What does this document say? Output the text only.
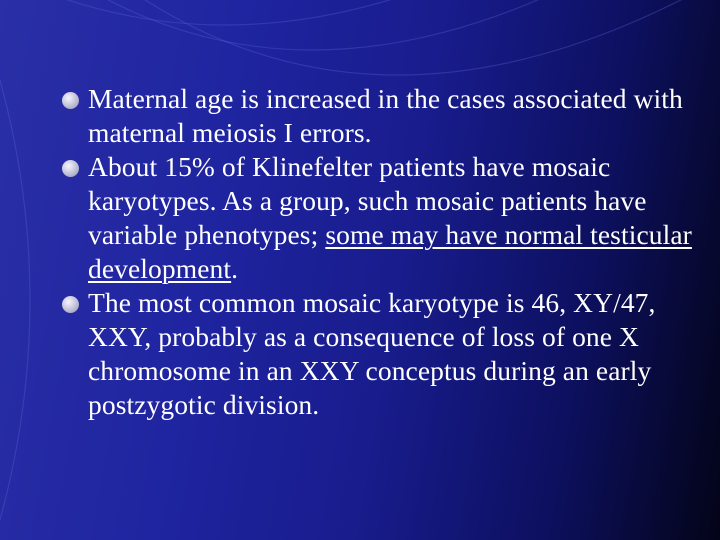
Maternal age is increased in the cases associated with maternal meiosis I errors.
About 15% of Klinefelter patients have mosaic karyotypes. As a group, such mosaic patients have variable phenotypes; some may have normal testicular development.
The most common mosaic karyotype is 46, XY/47, XXY, probably as a consequence of loss of one X chromosome in an XXY conceptus during an early postzygotic division.
